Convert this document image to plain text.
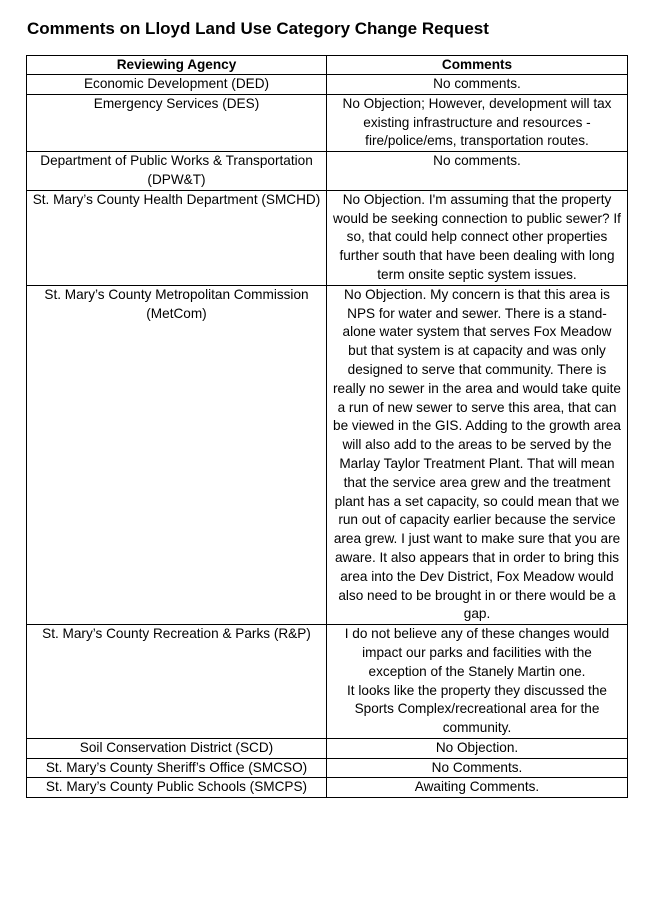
Comments on Lloyd Land Use Category Change Request
Reviewing Agency	Comments
Economic Development (DED)	No comments.
Emergency Services (DES)	No Objection; However, development will tax existing infrastructure and resources - fire/police/ems, transportation routes.
Department of Public Works & Transportation (DPW&T)	No comments.
St. Mary’s County Health Department (SMCHD)	No Objection. I'm assuming that the property would be seeking connection to public sewer? If so, that could help connect other properties further south that have been dealing with long term onsite septic system issues.
St. Mary’s County Metropolitan Commission (MetCom)	No Objection. My concern is that this area is NPS for water and sewer. There is a stand-alone water system that serves Fox Meadow but that system is at capacity and was only designed to serve that community. There is really no sewer in the area and would take quite a run of new sewer to serve this area, that can be viewed in the GIS. Adding to the growth area will also add to the areas to be served by the Marlay Taylor Treatment Plant. That will mean that the service area grew and the treatment plant has a set capacity, so could mean that we run out of capacity earlier because the service area grew. I just want to make sure that you are aware. It also appears that in order to bring this area into the Dev District, Fox Meadow would also need to be brought in or there would be a gap.
St. Mary’s County Recreation & Parks (R&P)	I do not believe any of these changes would impact our parks and facilities with the exception of the Stanely Martin one.
It looks like the property they discussed the Sports Complex/recreational area for the community.
Soil Conservation District (SCD)	No Objection.
St. Mary’s County Sheriff’s Office (SMCSO)	No Comments.
St. Mary’s County Public Schools (SMCPS)	Awaiting Comments.
